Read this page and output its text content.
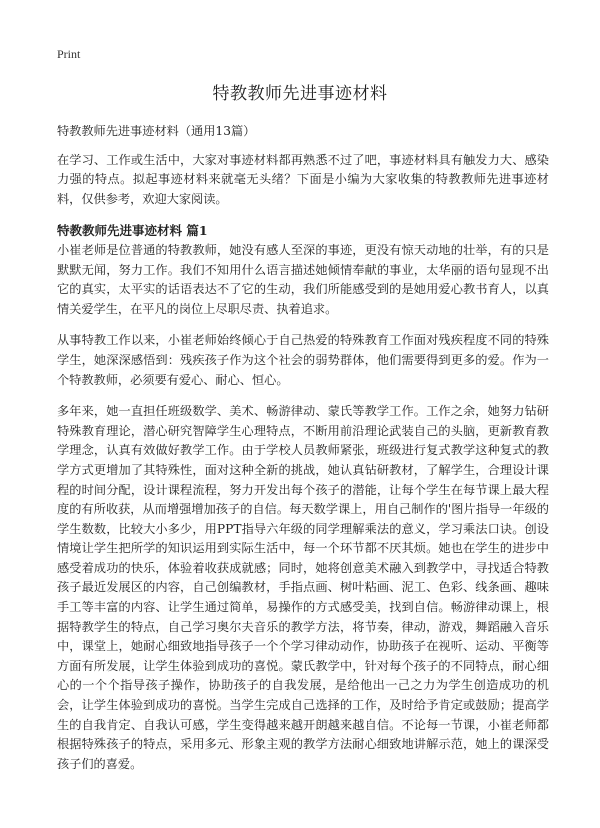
Print
特教教师先进事迹材料

特教教师先进事迹材料（通用13篇）

在学习、工作或生活中，大家对事迹材料都再熟悉不过了吧，事迹材料具有触发力大、感染力强的特点。拟起事迹材料来就毫无头绪？下面是小编为大家收集的特教教师先进事迹材料，仅供参考，欢迎大家阅读。

特教教师先进事迹材料 篇1

小崔老师是位普通的特教教师，她没有感人至深的事迹，更没有惊天动地的壮举，有的只是默默无闻，努力工作。我们不知用什么语言描述她倾情奉献的事业，太华丽的语句显现不出它的真实，太平实的话语表达不了它的生动，我们所能感受到的是她用爱心教书育人，以真情关爱学生，在平凡的岗位上尽职尽责、执着追求。

从事特教工作以来，小崔老师始终倾心于自己热爱的特殊教育工作面对残疾程度不同的特殊学生，她深深感悟到：残疾孩子作为这个社会的弱势群体，他们需要得到更多的爱。作为一个特教教师，必须要有爱心、耐心、恒心。

多年来，她一直担任班级数学、美术、畅游律动、蒙氏等教学工作。工作之余，她努力钻研特殊教育理论，潜心研究智障学生心理特点，不断用前沿理论武装自己的头脑，更新教育教学理念，认真有效做好教学工作。由于学校人员教师紧张，班级进行复式教学这种复式的教学方式更增加了其特殊性，面对这种全新的挑战，她认真钻研教材，了解学生，合理设计课程的时间分配，设计课程流程，努力开发出每个孩子的潜能，让每个学生在每节课上最大程度的有所收获，从而增强增加孩子的自信。每天数学课上，用自己制作的'图片指导一年级的学生数数，比较大小多少，用PPT指导六年级的同学理解乘法的意义，学习乘法口诀。创设情境让学生把所学的知识运用到实际生活中，每一个环节都不厌其烦。她也在学生的进步中感受着成功的快乐，体验着收获成就感；同时，她将创意美术融入到教学中，寻找适合特教孩子最近发展区的内容，自己创编教材，手指点画、树叶粘画、泥工、色彩、线条画、趣味手工等丰富的内容、让学生通过简单，易操作的方式感受美，找到自信。畅游律动课上，根据特教学生的特点，自己学习奥尔夫音乐的教学方法，将节奏，律动，游戏，舞蹈融入音乐中，课堂上，她耐心细致地指导孩子一个个学习律动动作，协助孩子在视听、运动、平衡等方面有所发展，让学生体验到成功的喜悦。蒙氏教学中，针对每个孩子的不同特点，耐心细心的一个个指导孩子操作，协助孩子的自我发展，是给他出一己之力为学生创造成功的机会，让学生体验到成功的喜悦。当学生完成自己选择的工作，及时给予肯定或鼓励；提高学生的自我肯定、自我认可感，学生变得越来越开朗越来越自信。不论每一节课，小崔老师都根据特殊孩子的特点，采用多元、形象主观的教学方法耐心细致地讲解示范，她上的课深受孩子们的喜爱。
